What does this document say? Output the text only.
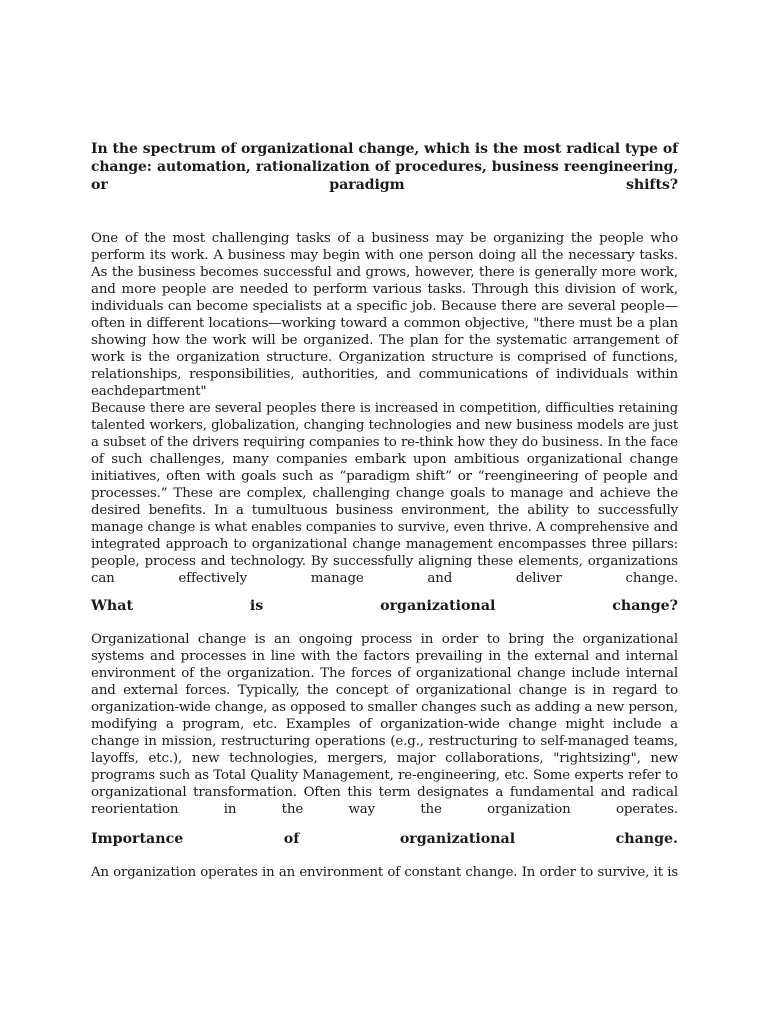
In the spectrum of organizational change, which is the most radical type of
change: automation, rationalization of procedures, business reengineering,
or paradigm shifts?
One of the most challenging tasks of a business may be organizing the people who
perform its work. A business may begin with one person doing all the necessary tasks.
As the business becomes successful and grows, however, there is generally more work,
and more people are needed to perform various tasks. Through this division of work,
individuals can become specialists at a specific job. Because there are several people—
often in different locations—working toward a common objective, "there must be a plan
showing how the work will be organized. The plan for the systematic arrangement of
work is the organization structure. Organization structure is comprised of functions,
relationships, responsibilities, authorities, and communications of individuals within
eachdepartment"
Because there are several peoples there is increased in competition, difficulties retaining
talented workers, globalization, changing technologies and new business models are just
a subset of the drivers requiring companies to re-think how they do business. In the face
of such challenges, many companies embark upon ambitious organizational change
initiatives, often with goals such as “paradigm shift” or “reengineering of people and
processes.” These are complex, challenging change goals to manage and achieve the
desired benefits. In a tumultuous business environment, the ability to successfully
manage change is what enables companies to survive, even thrive. A comprehensive and
integrated approach to organizational change management encompasses three pillars:
people, process and technology. By successfully aligning these elements, organizations
can effectively manage and deliver change.
What is organizational change?
Organizational change is an ongoing process in order to bring the organizational
systems and processes in line with the factors prevailing in the external and internal
environment of the organization. The forces of organizational change include internal
and external forces. Typically, the concept of organizational change is in regard to
organization-wide change, as opposed to smaller changes such as adding a new person,
modifying a program, etc. Examples of organization-wide change might include a
change in mission, restructuring operations (e.g., restructuring to self-managed teams,
layoffs, etc.), new technologies, mergers, major collaborations, "rightsizing", new
programs such as Total Quality Management, re-engineering, etc. Some experts refer to
organizational transformation. Often this term designates a fundamental and radical
reorientation in the way the organization operates.
Importance of organizational change.
An organization operates in an environment of constant change. In order to survive, it is
